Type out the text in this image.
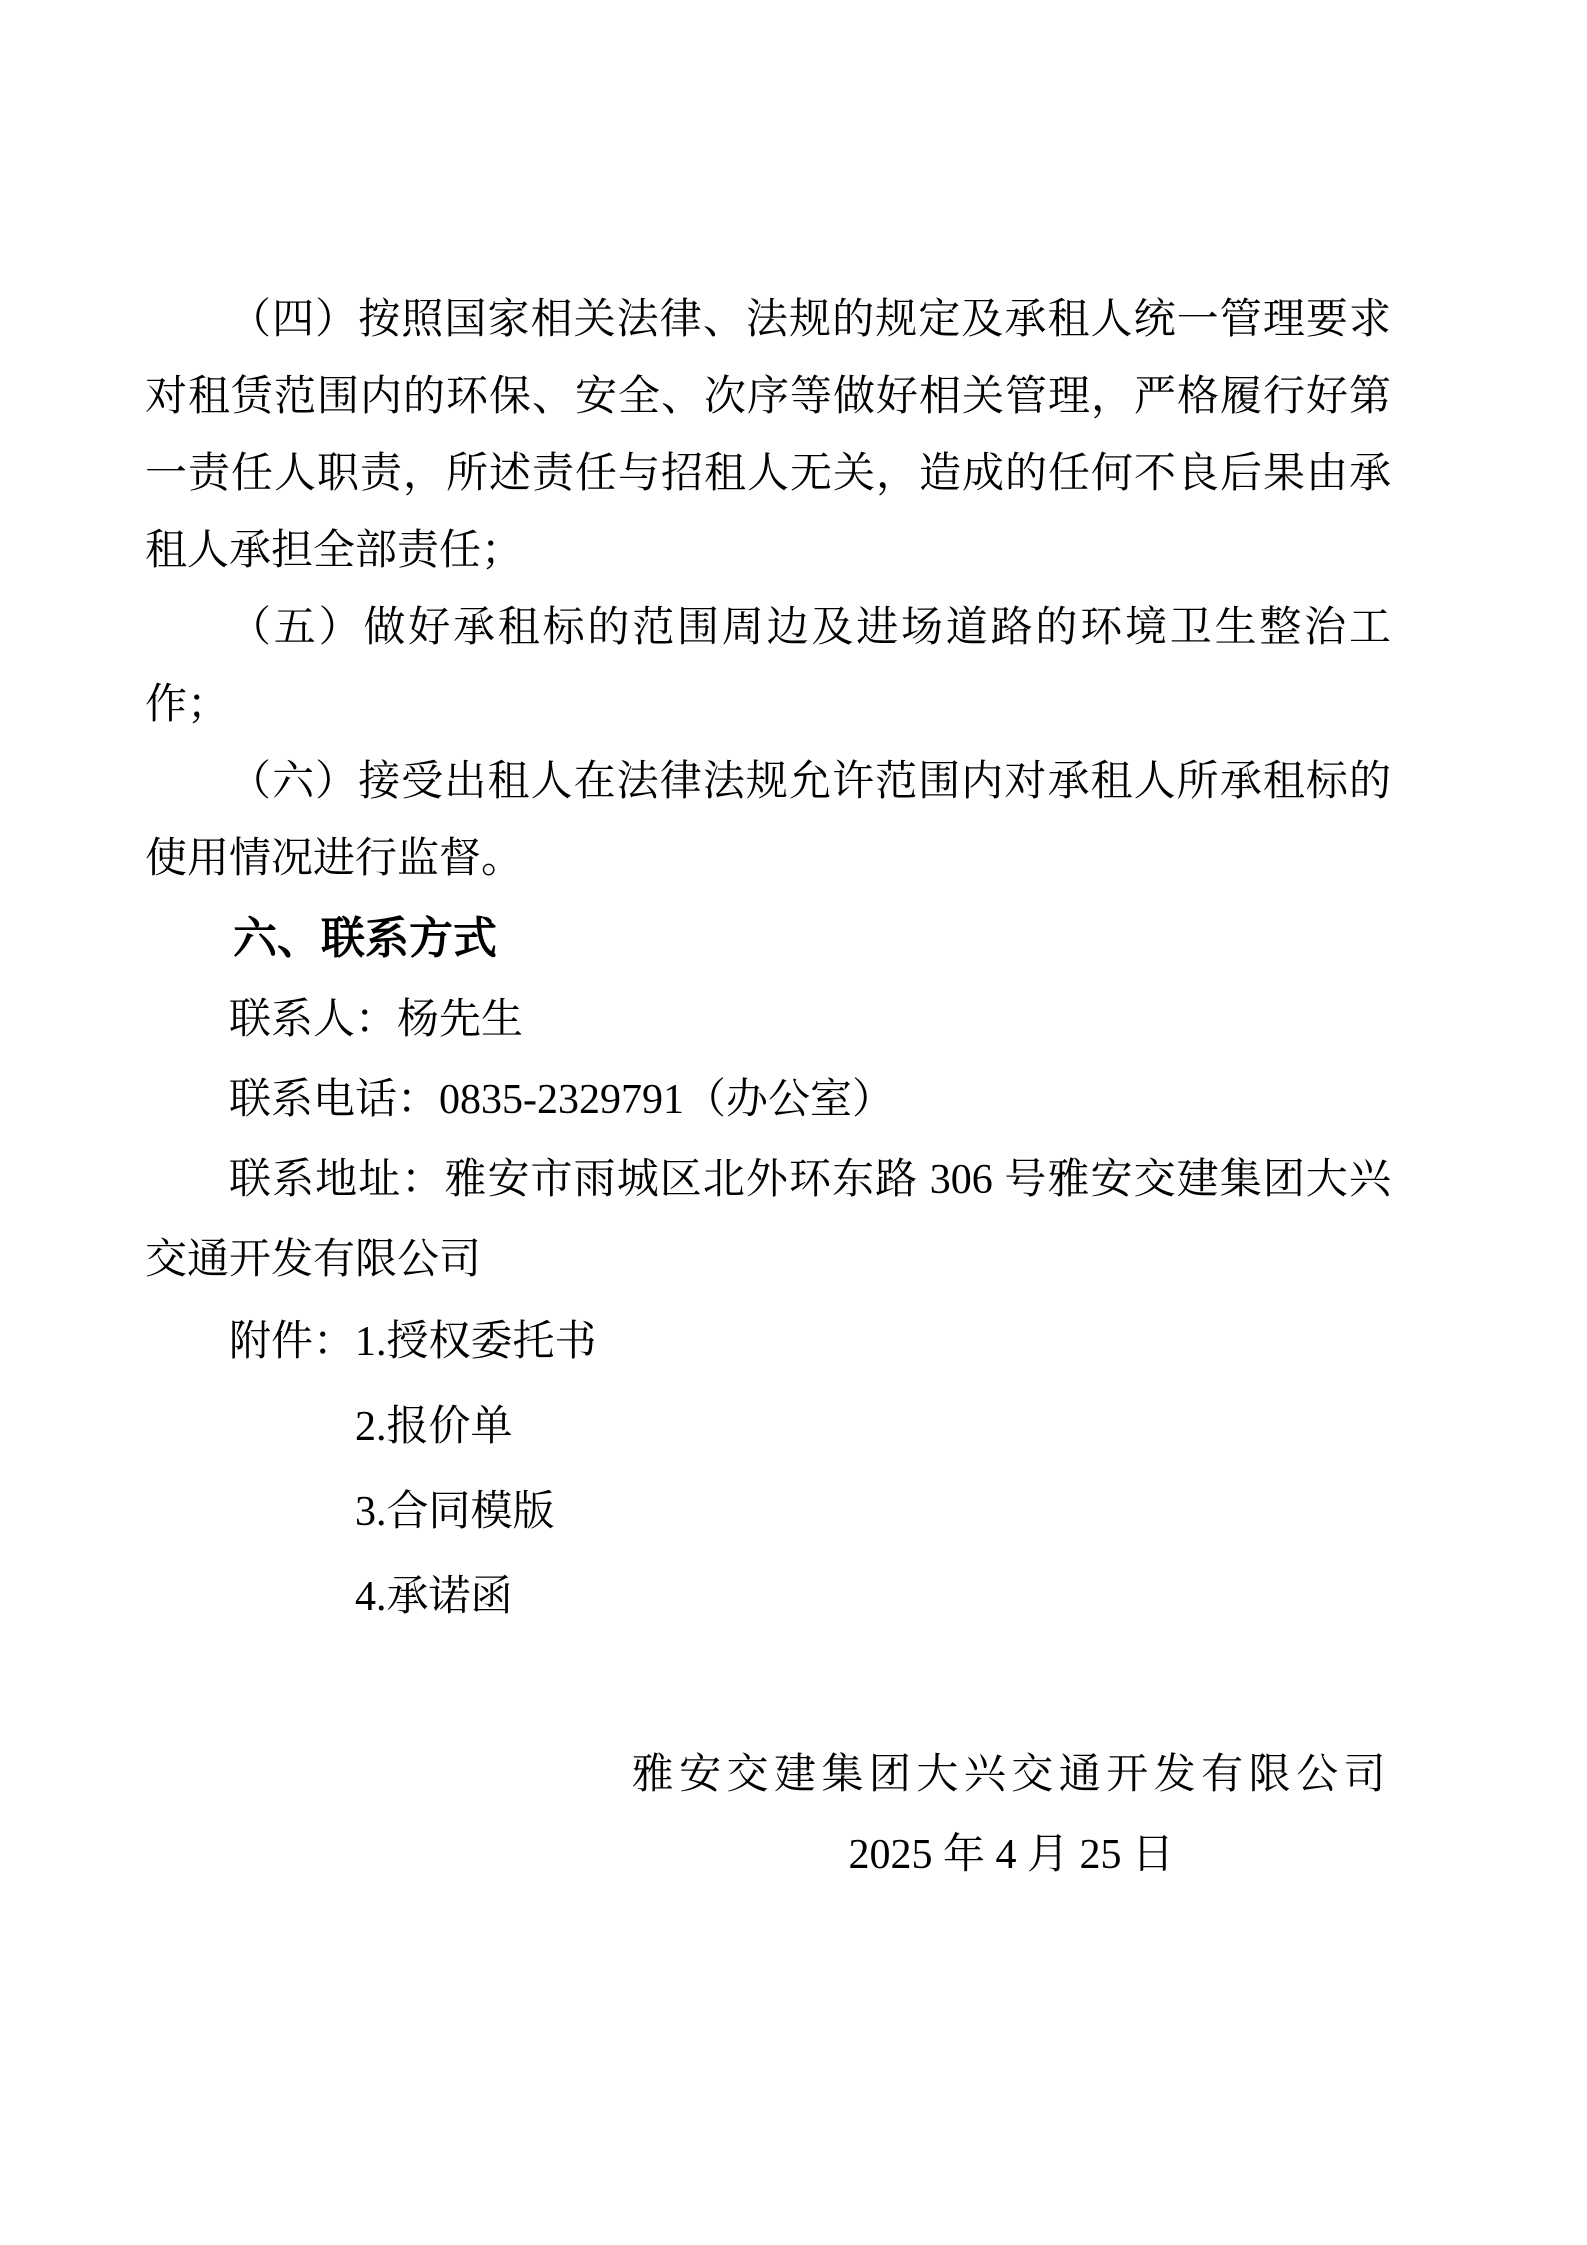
（四）按照国家相关法律、法规的规定及承租人统一管理要求对租赁范围内的环保、安全、次序等做好相关管理，严格履行好第一责任人职责，所述责任与招租人无关，造成的任何不良后果由承租人承担全部责任；

（五）做好承租标的范围周边及进场道路的环境卫生整治工作；

（六）接受出租人在法律法规允许范围内对承租人所承租标的使用情况进行监督。

六、联系方式

联系人：杨先生

联系电话：0835-2329791（办公室）

联系地址：雅安市雨城区北外环东路 306 号雅安交建集团大兴交通开发有限公司

附件： 1.授权委托书
2.报价单
3.合同模版
4.承诺函
雅安交建集团大兴交通开发有限公司
2025 年 4 月 25 日
